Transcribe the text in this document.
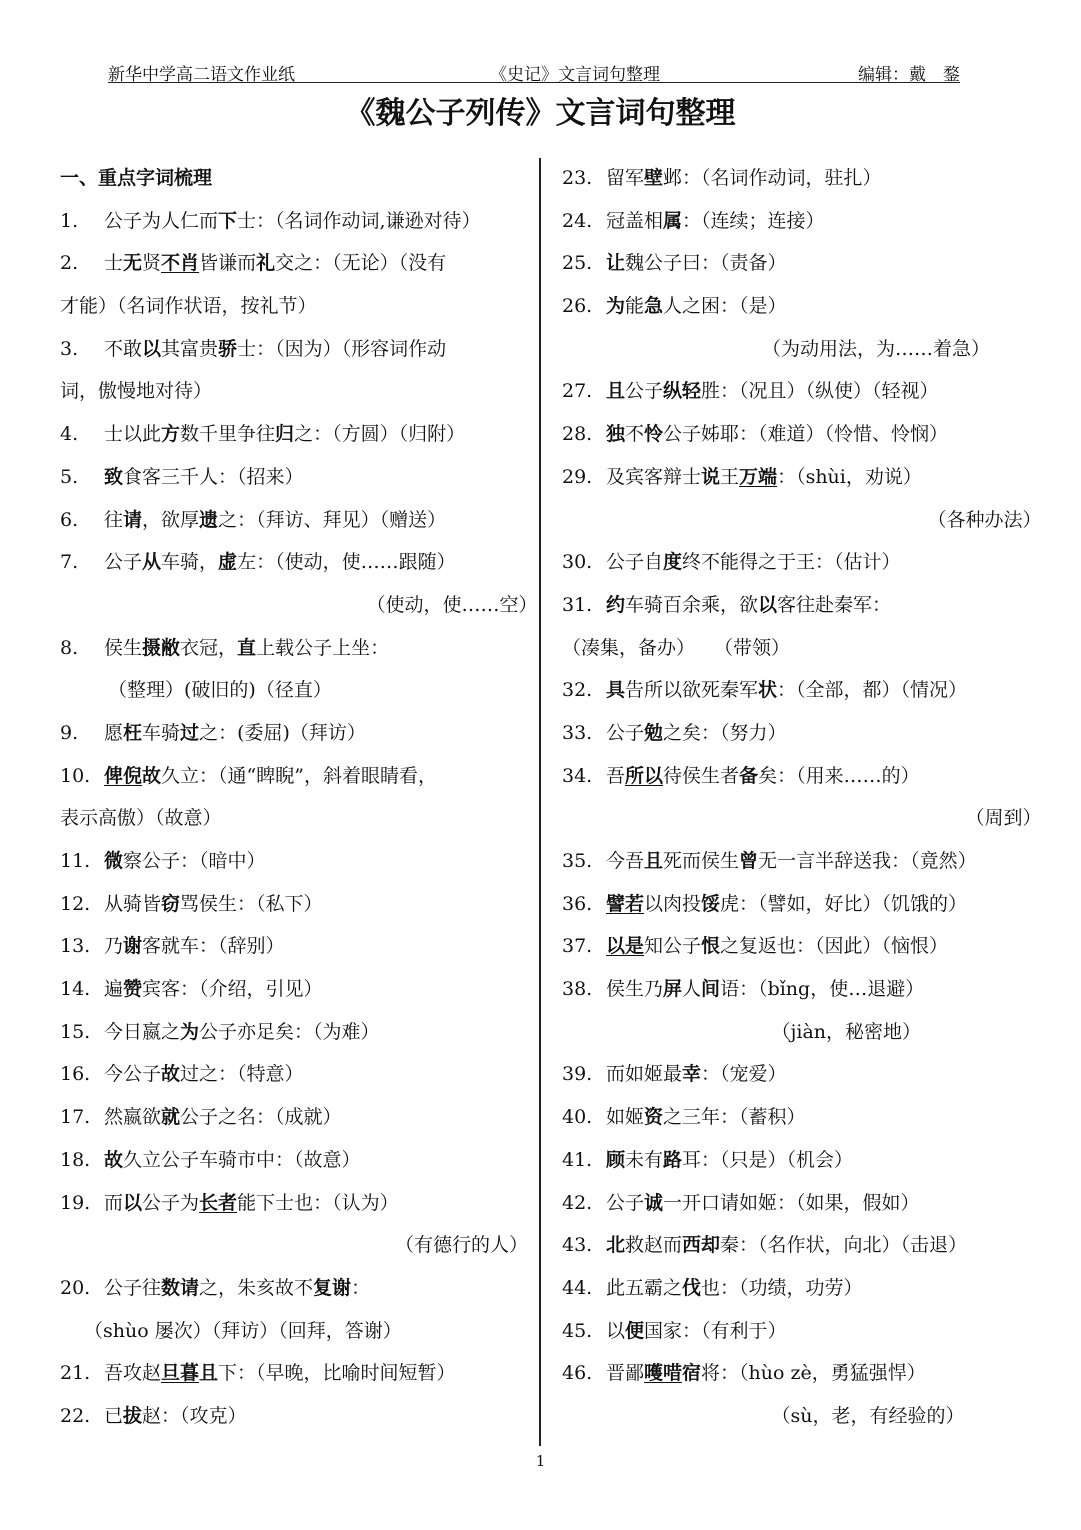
新华中学高二语文作业纸	《史记》文言词句整理	编辑：戴　鍪
《魏公子列传》文言词句整理
一、重点字词梳理
1. 公子为人仁而下士：（名词作动词,谦逊对待）
2. 士无贤不肖皆谦而礼交之：（无论）（没有
才能）（名词作状语，按礼节）
3. 不敢以其富贵骄士：（因为）（形容词作动
词，傲慢地对待）
4. 士以此方数千里争往归之：（方圆）（归附）
5. 致食客三千人：（招来）
6. 往请，欲厚遗之：（拜访、拜见）（赠送）
7. 公子从车骑，虚左：（使动，使……跟随）
（使动，使……空）　
8. 侯生摄敝衣冠，直上载公子上坐：
（整理）(破旧的)（径直）
9. 愿枉车骑过之：(委屈)（拜访）
10. 俾倪故久立：（通“睥睨”，斜着眼睛看，
表示高傲）（故意）
11. 微察公子：（暗中）
12. 从骑皆窃骂侯生：（私下）
13. 乃谢客就车：（辞别）
14. 遍赞宾客：（介绍，引见）
15. 今日嬴之为公子亦足矣：（为难）
16. 今公子故过之：（特意）
17. 然嬴欲就公子之名：（成就）
18. 故久立公子车骑市中：（故意）
19. 而以公子为长者能下士也：（认为）
（有德行的人）
20. 公子往数请之，朱亥故不复谢：
（shùo 屡次）（拜访）（回拜，答谢）
21. 吾攻赵旦暮且下：（早晚，比喻时间短暂）
22. 已拔赵：（攻克）
23. 留军壁邺：（名词作动词，驻扎）
24. 冠盖相属：（连续；连接）
25. 让魏公子曰：（责备）
26. 为能急人之困：（是）
（为动用法，为……着急）
27. 且公子纵轻胜：（况且）（纵使）（轻视）
28. 独不怜公子姊耶：（难道）（怜惜、怜悯）
29. 及宾客辩士说王万端：（shùi，劝说）
（各种办法）　　
30. 公子自度终不能得之于王：（估计）
31. 约车骑百余乘，欲以客往赴秦军：
（凑集，备办）　　（带领）
32. 具告所以欲死秦军状：（全部，都）（情况）
33. 公子勉之矣：（努力）
34. 吾所以待侯生者备矣：（用来……的）
（周到）　　
35. 今吾且死而侯生曾无一言半辞送我：（竟然）
36. 譬若以肉投馁虎：（譬如，好比）（饥饿的）
37. 以是知公子恨之复返也：（因此）（恼恨）
38. 侯生乃屏人间语：（bǐng，使…退避）
　（jiàn，秘密地）
39. 而如姬最幸：（宠爱）
40. 如姬资之三年：（蓄积）
41. 顾未有路耳：（只是）（机会）
42. 公子诚一开口请如姬：（如果，假如）
43. 北救赵而西却秦：（名作状，向北）（击退）
44. 此五霸之伐也：（功绩，功劳）
45. 以便国家：（有利于）
46. 晋鄙嚄唶宿将：（hùo zè，勇猛强悍）
　（sù，老，有经验的）
1
